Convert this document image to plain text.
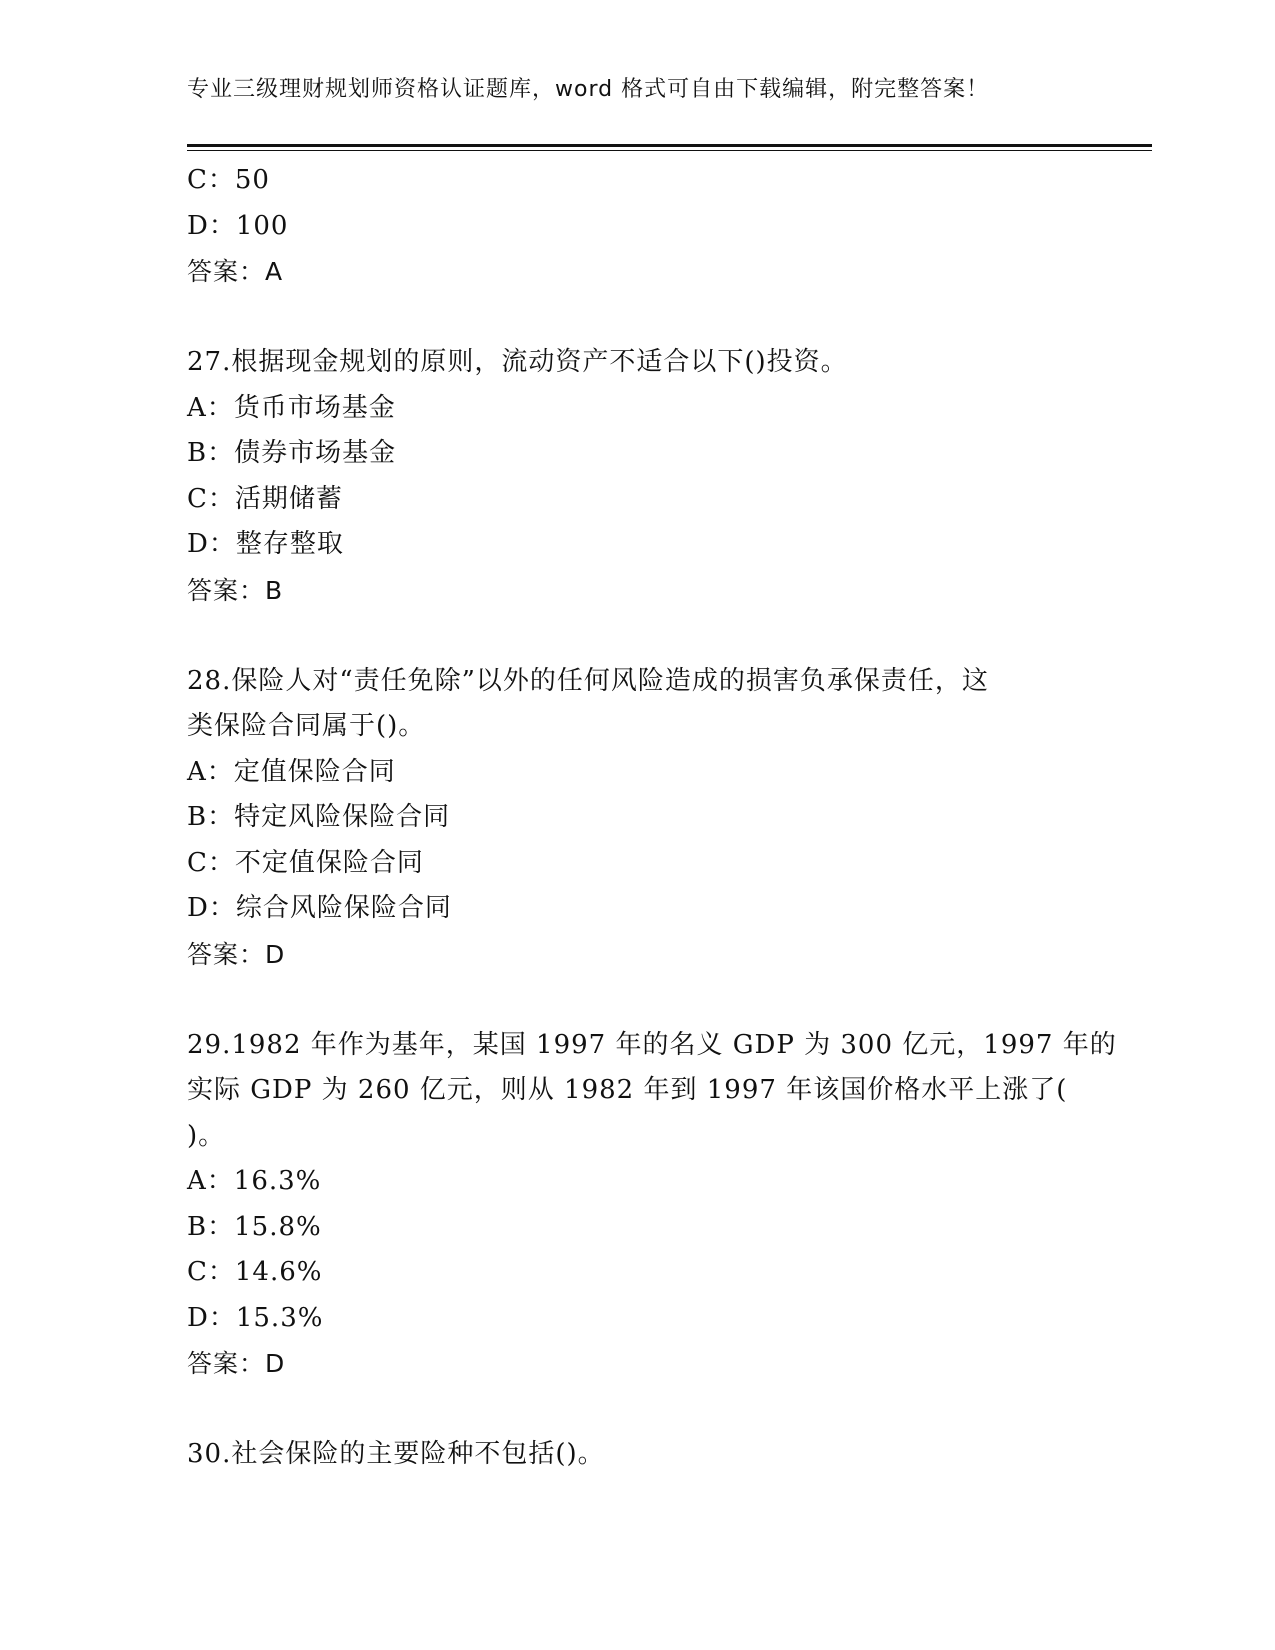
专业三级理财规划师资格认证题库，word 格式可自由下载编辑，附完整答案！
C：50
D：100
答案：A
27.根据现金规划的原则，流动资产不适合以下()投资。
A：货币市场基金
B：债券市场基金
C：活期储蓄
D：整存整取
答案：B
28.保险人对“责任免除”以外的任何风险造成的损害负承保责任，这
类保险合同属于()。
A：定值保险合同
B：特定风险保险合同
C：不定值保险合同
D：综合风险保险合同
答案：D
29.1982 年作为基年，某国 1997 年的名义 GDP 为 300 亿元，1997 年的
实际 GDP 为 260 亿元，则从 1982 年到 1997 年该国价格水平上涨了(
)。
A：16.3%
B：15.8%
C：14.6%
D：15.3%
答案：D
30.社会保险的主要险种不包括()。
